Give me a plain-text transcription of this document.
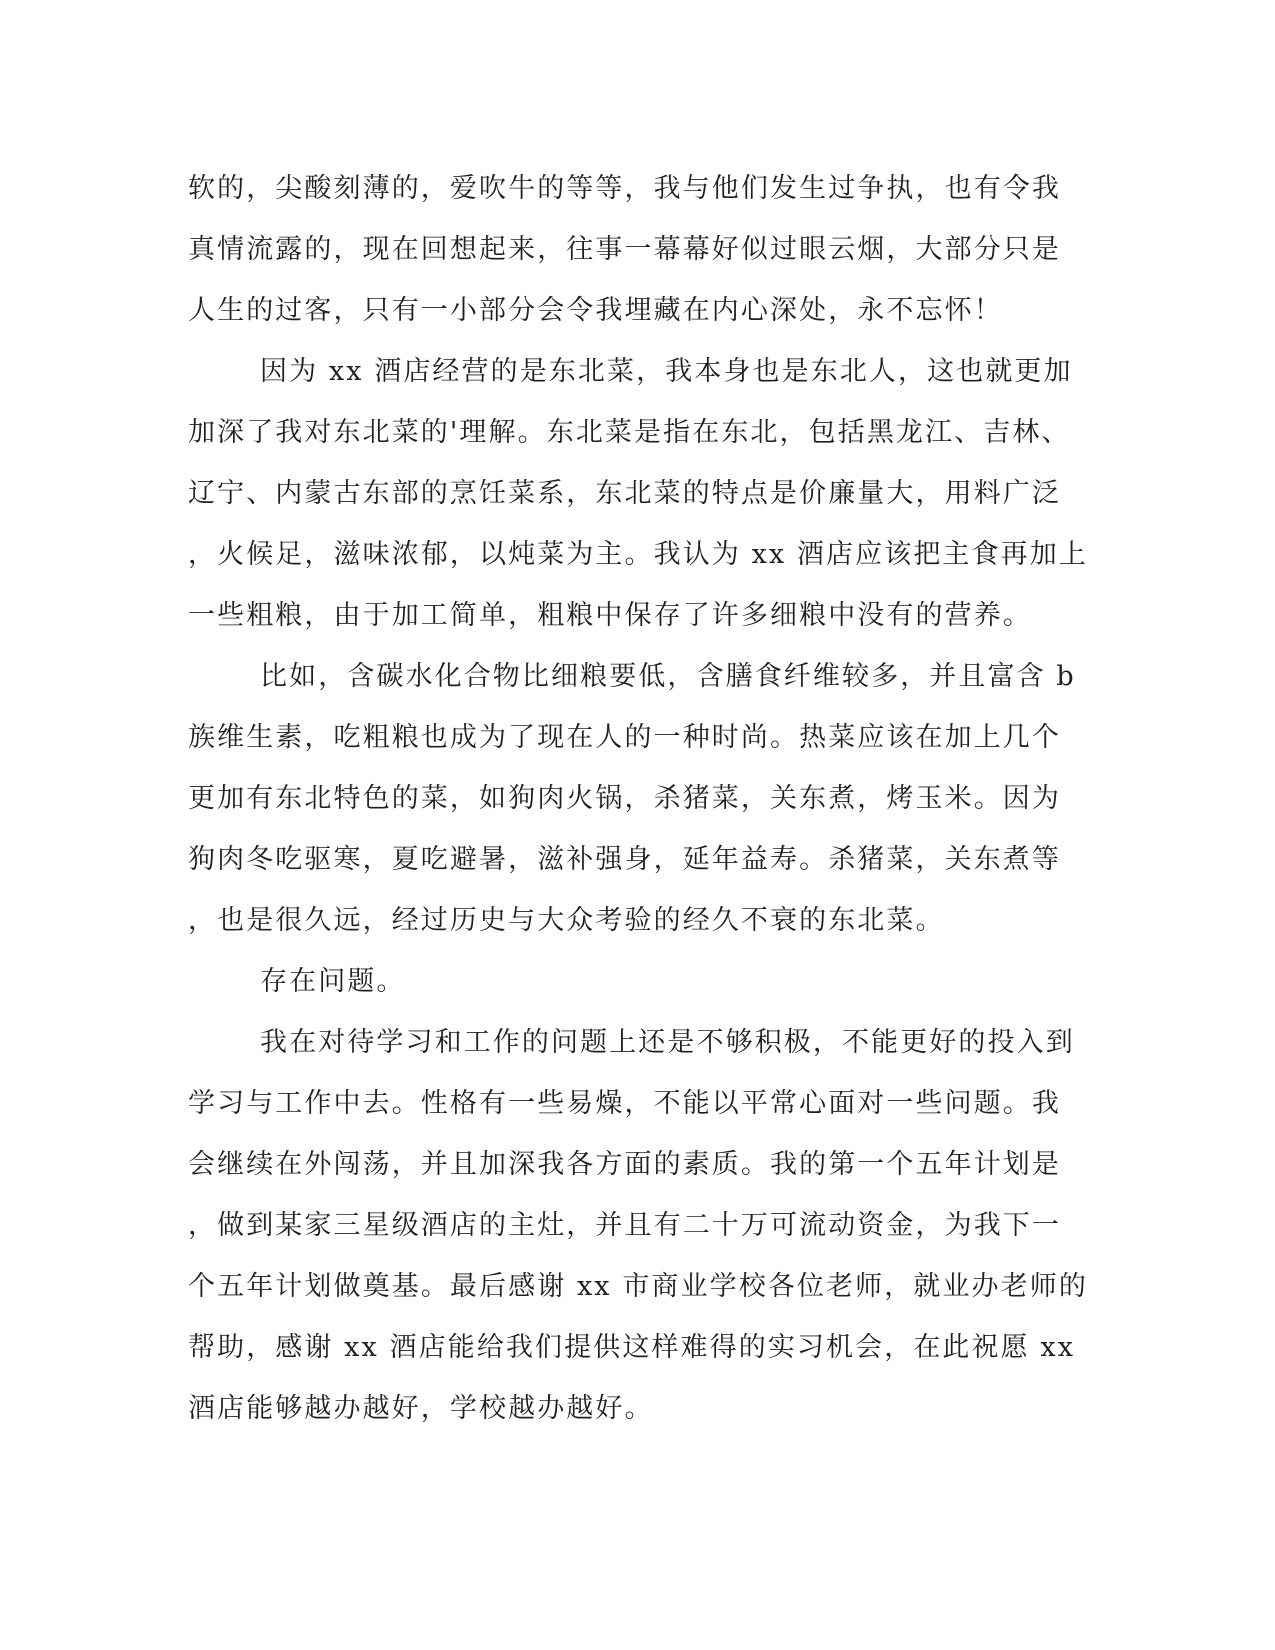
软的，尖酸刻薄的，爱吹牛的等等，我与他们发生过争执，也有令我
真情流露的，现在回想起来，往事一幕幕好似过眼云烟，大部分只是
人生的过客，只有一小部分会令我埋藏在内心深处，永不忘怀！
因为 xx 酒店经营的是东北菜，我本身也是东北人，这也就更加
加深了我对东北菜的'理解。东北菜是指在东北，包括黑龙江、吉林、
辽宁、内蒙古东部的烹饪菜系，东北菜的特点是价廉量大，用料广泛
，火候足，滋味浓郁，以炖菜为主。我认为 xx 酒店应该把主食再加上
一些粗粮，由于加工简单，粗粮中保存了许多细粮中没有的营养。
比如，含碳水化合物比细粮要低，含膳食纤维较多，并且富含 b
族维生素，吃粗粮也成为了现在人的一种时尚。热菜应该在加上几个
更加有东北特色的菜，如狗肉火锅，杀猪菜，关东煮，烤玉米。因为
狗肉冬吃驱寒，夏吃避暑，滋补强身，延年益寿。杀猪菜，关东煮等
，也是很久远，经过历史与大众考验的经久不衰的东北菜。
存在问题。
我在对待学习和工作的问题上还是不够积极，不能更好的投入到
学习与工作中去。性格有一些易燥，不能以平常心面对一些问题。我
会继续在外闯荡，并且加深我各方面的素质。我的第一个五年计划是
，做到某家三星级酒店的主灶，并且有二十万可流动资金，为我下一
个五年计划做奠基。最后感谢 xx 市商业学校各位老师，就业办老师的
帮助，感谢 xx 酒店能给我们提供这样难得的实习机会，在此祝愿 xx
酒店能够越办越好，学校越办越好。
